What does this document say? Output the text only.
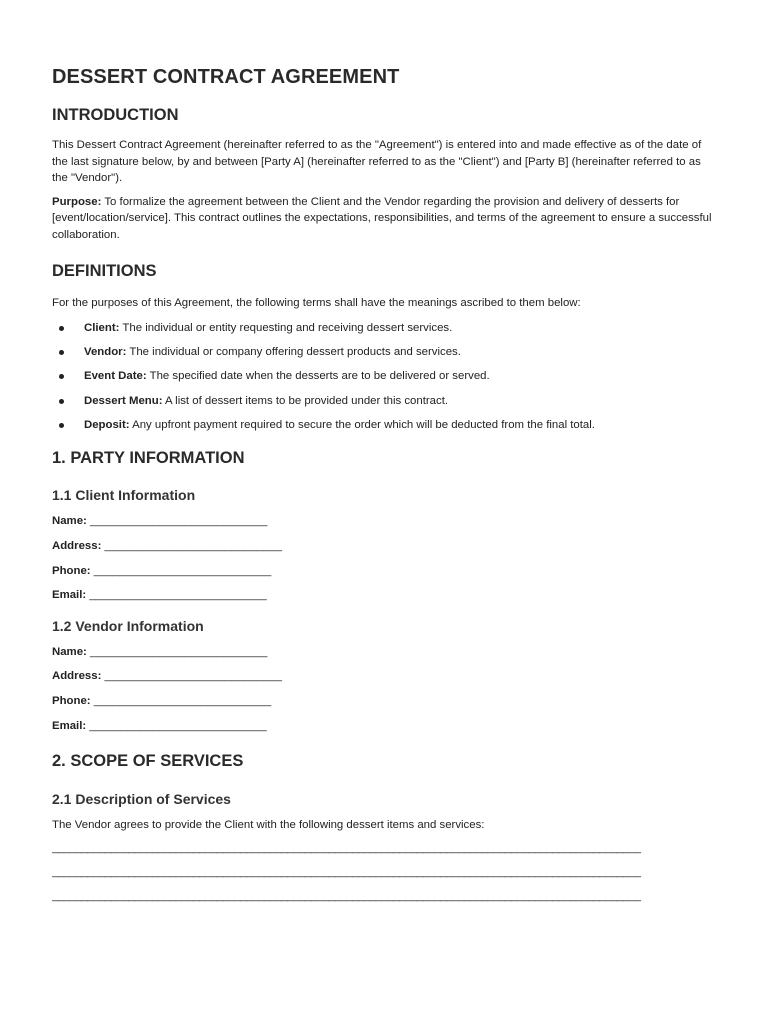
DESSERT CONTRACT AGREEMENT
INTRODUCTION

This Dessert Contract Agreement (hereinafter referred to as the "Agreement") is entered into and made effective as of the date of the last signature below, by and between [Party A] (hereinafter referred to as the "Client") and [Party B] (hereinafter referred to as the "Vendor").

Purpose: To formalize the agreement between the Client and the Vendor regarding the provision and delivery of desserts for [event/location/service]. This contract outlines the expectations, responsibilities, and terms of the agreement to ensure a successful collaboration.

DEFINITIONS

For the purposes of this Agreement, the following terms shall have the meanings ascribed to them below:

Client: The individual or entity requesting and receiving dessert services.
Vendor: The individual or company offering dessert products and services.
Event Date: The specified date when the desserts are to be delivered or served.
Dessert Menu: A list of dessert items to be provided under this contract.
Deposit: Any upfront payment required to secure the order which will be deducted from the final total.
1. PARTY INFORMATION
1.1 Client Information
Name: ____________________________
Address: ____________________________
Phone: ____________________________
Email: ____________________________
1.2 Vendor Information
Name: ____________________________
Address: ____________________________
Phone: ____________________________
Email: ____________________________
2. SCOPE OF SERVICES
2.1 Description of Services

The Vendor agrees to provide the Client with the following dessert items and services:

____________________________________________________________________________________________________
____________________________________________________________________________________________________
____________________________________________________________________________________________________
